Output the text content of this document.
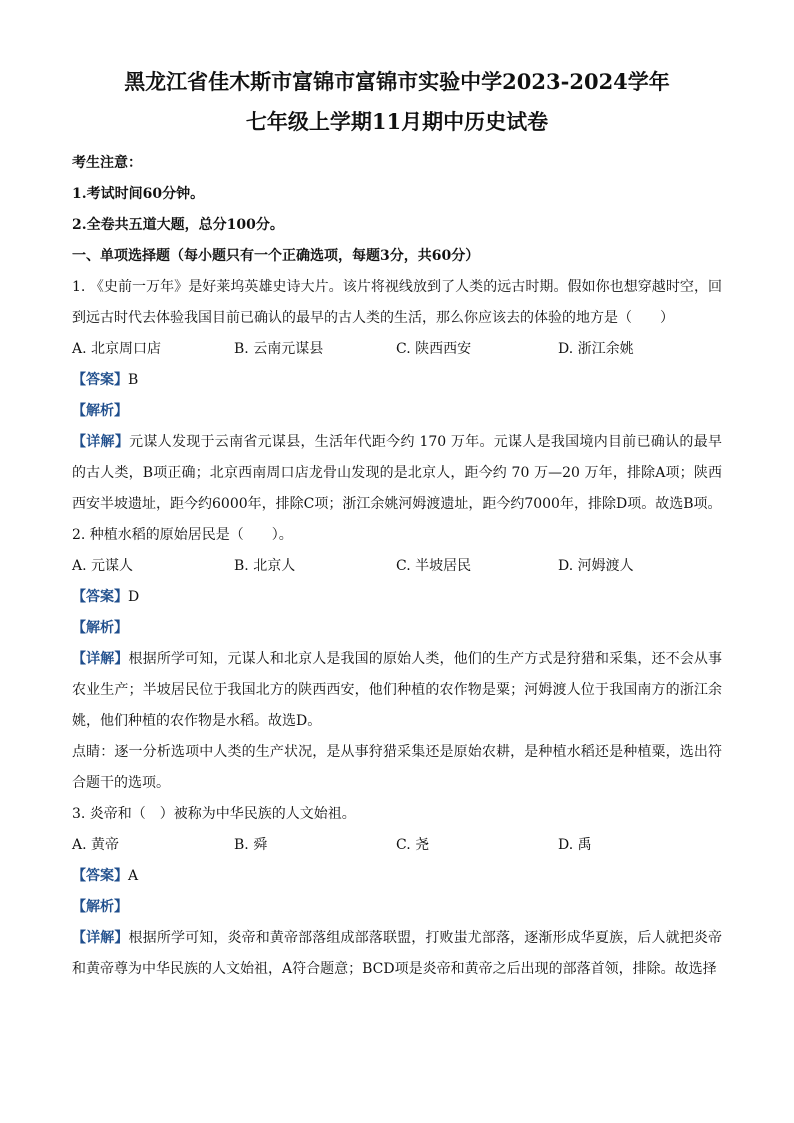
黑龙江省佳木斯市富锦市富锦市实验中学2023-2024学年

七年级上学期11月期中历史试卷

考生注意：

1.考试时间60分钟。

2.全卷共五道大题，总分100分。

一、单项选择题（每小题只有一个正确选项，每题3分，共60分）

1. 《史前一万年》是好莱坞英雄史诗大片。该片将视线放到了人类的远古时期。假如你也想穿越时空，回到远古时代去体验我国目前已确认的最早的古人类的生活，那么你应该去的体验的地方是（　　）

A. 北京周口店	B. 云南元谋县	C. 陕西西安	D. 浙江余姚

【答案】B

【解析】

【详解】元谋人发现于云南省元谋县，生活年代距今约 170 万年。元谋人是我国境内目前已确认的最早的古人类，B项正确；北京西南周口店龙骨山发现的是北京人，距今约 70 万—20 万年，排除A项；陕西西安半坡遗址，距今约6000年，排除C项；浙江余姚河姆渡遗址，距今约7000年，排除D项。故选B项。

2. 种植水稻的原始居民是（　　）。

A. 元谋人	B. 北京人	C. 半坡居民	D. 河姆渡人

【答案】D

【解析】

【详解】根据所学可知，元谋人和北京人是我国的原始人类，他们的生产方式是狩猎和采集，还不会从事农业生产；半坡居民位于我国北方的陕西西安，他们种植的农作物是粟；河姆渡人位于我国南方的浙江余姚，他们种植的农作物是水稻。故选D。

点睛：逐一分析选项中人类的生产状况，是从事狩猎采集还是原始农耕，是种植水稻还是种植粟，选出符合题干的选项。

3. 炎帝和（　）被称为中华民族的人文始祖。

A. 黄帝	B. 舜	C. 尧	D. 禹

【答案】A

【解析】

【详解】根据所学可知，炎帝和黄帝部落组成部落联盟，打败蚩尤部落，逐渐形成华夏族，后人就把炎帝和黄帝尊为中华民族的人文始祖，A符合题意；BCD项是炎帝和黄帝之后出现的部落首领，排除。故选择
